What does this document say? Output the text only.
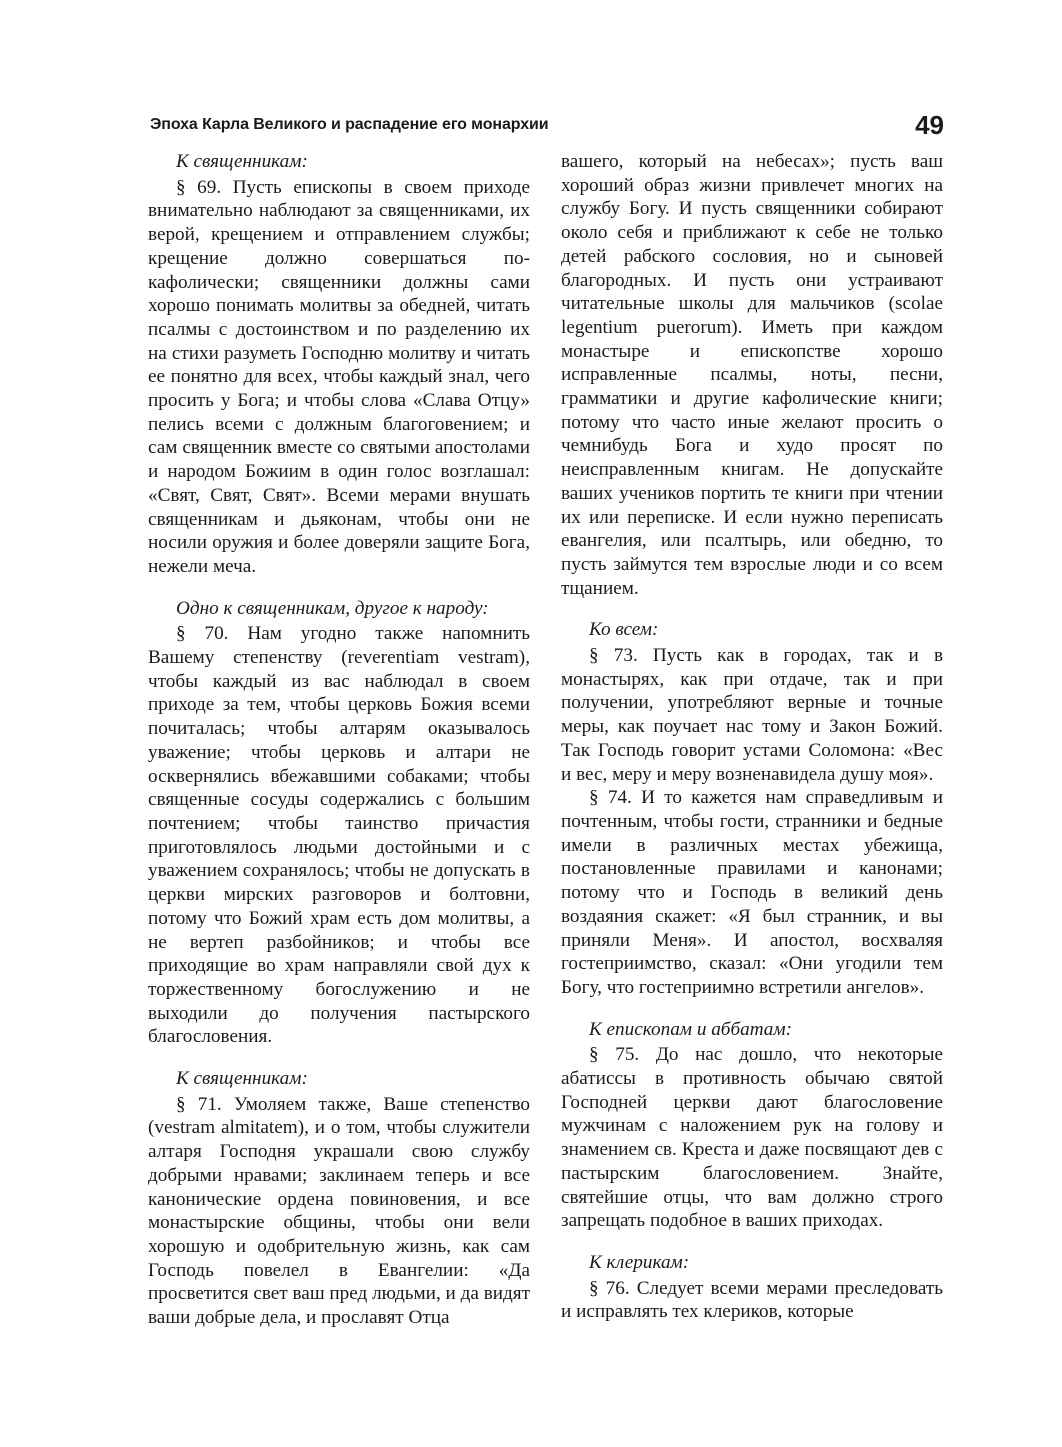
Эпоха Карла Великого и распадение его монархии	49

К священникам:

§ 69. Пусть епископы в своем приходе внимательно наблюдают за священниками, их верой, крещением и отправлением службы; крещение должно совершаться по-кафолически; священники должны сами хорошо понимать молитвы за обедней, читать псалмы с достоинством и по разделению их на стихи разуметь Господню молитву и читать ее понятно для всех, чтобы каждый знал, чего просить у Бога; и чтобы слова «Слава Отцу» пелись всеми с должным благоговением; и сам священник вместе со святыми апостолами и народом Божиим в один голос возглашал: «Свят, Свят, Свят». Всеми мерами внушать священникам и дьяконам, чтобы они не носили оружия и более доверяли защите Бога, нежели меча.

Одно к священникам, другое к народу:

§ 70. Нам угодно также напомнить Вашему степенству (reverentiam vestram), чтобы каждый из вас наблюдал в своем приходе за тем, чтобы церковь Божия всеми почиталась; чтобы алтарям оказывалось уважение; чтобы церковь и алтари не осквернялись вбежавшими собаками; чтобы священные сосуды содержались с большим почтением; чтобы таинство причастия приготовлялось людьми достойными и с уважением сохранялось; чтобы не допускать в церкви мирских разговоров и болтовни, потому что Божий храм есть дом молитвы, а не вертеп разбойников; и чтобы все приходящие во храм направляли свой дух к торжественному богослужению и не выходили до получения пастырского благословения.

К священникам:

§ 71. Умоляем также, Ваше степенство (vestram almitatem), и о том, чтобы служители алтаря Господня украшали свою службу добрыми нравами; заклинаем теперь и все канонические ордена повиновения, и все монастырские общины, чтобы они вели хорошую и одобрительную жизнь, как сам Господь повелел в Евангелии: «Да просветится свет ваш пред людьми, и да видят ваши добрые дела, и прославят Отца

вашего, который на небесах»; пусть ваш хороший образ жизни привлечет многих на службу Богу. И пусть священники собирают около себя и приближают к себе не только детей рабского сословия, но и сыновей благородных. И пусть они устраивают читательные школы для мальчиков (scolae legentium puerorum). Иметь при каждом монастыре и епископстве хорошо исправленные псалмы, ноты, песни, грамматики и другие кафолические книги; потому что часто иные желают просить о чемнибудь Бога и худо просят по неисправленным книгам. Не допускайте ваших учеников портить те книги при чтении их или переписке. И если нужно переписать евангелия, или псалтырь, или обедню, то пусть займутся тем взрослые люди и со всем тщанием.

Ко всем:

§ 73. Пусть как в городах, так и в монастырях, как при отдаче, так и при получении, употребляют верные и точные меры, как поучает нас тому и Закон Божий. Так Господь говорит устами Соломона: «Вес и вес, меру и меру возненавидела душу моя».

§ 74. И то кажется нам справедливым и почтенным, чтобы гости, странники и бедные имели в различных местах убежища, постановленные правилами и канонами; потому что и Господь в великий день воздаяния скажет: «Я был странник, и вы приняли Меня». И апостол, восхваляя гостеприимство, сказал: «Они угодили тем Богу, что гостеприимно встретили ангелов».

К епископам и аббатам:

§ 75. До нас дошло, что некоторые абатиссы в противность обычаю святой Господней церкви дают благословение мужчинам с наложением рук на голову и знамением св. Креста и даже посвящают дев с пастырским благословением. Знайте, святейшие отцы, что вам должно строго запрещать подобное в ваших приходах.

К клерикам:

§ 76. Следует всеми мерами преследовать и исправлять тех клериков, которые
